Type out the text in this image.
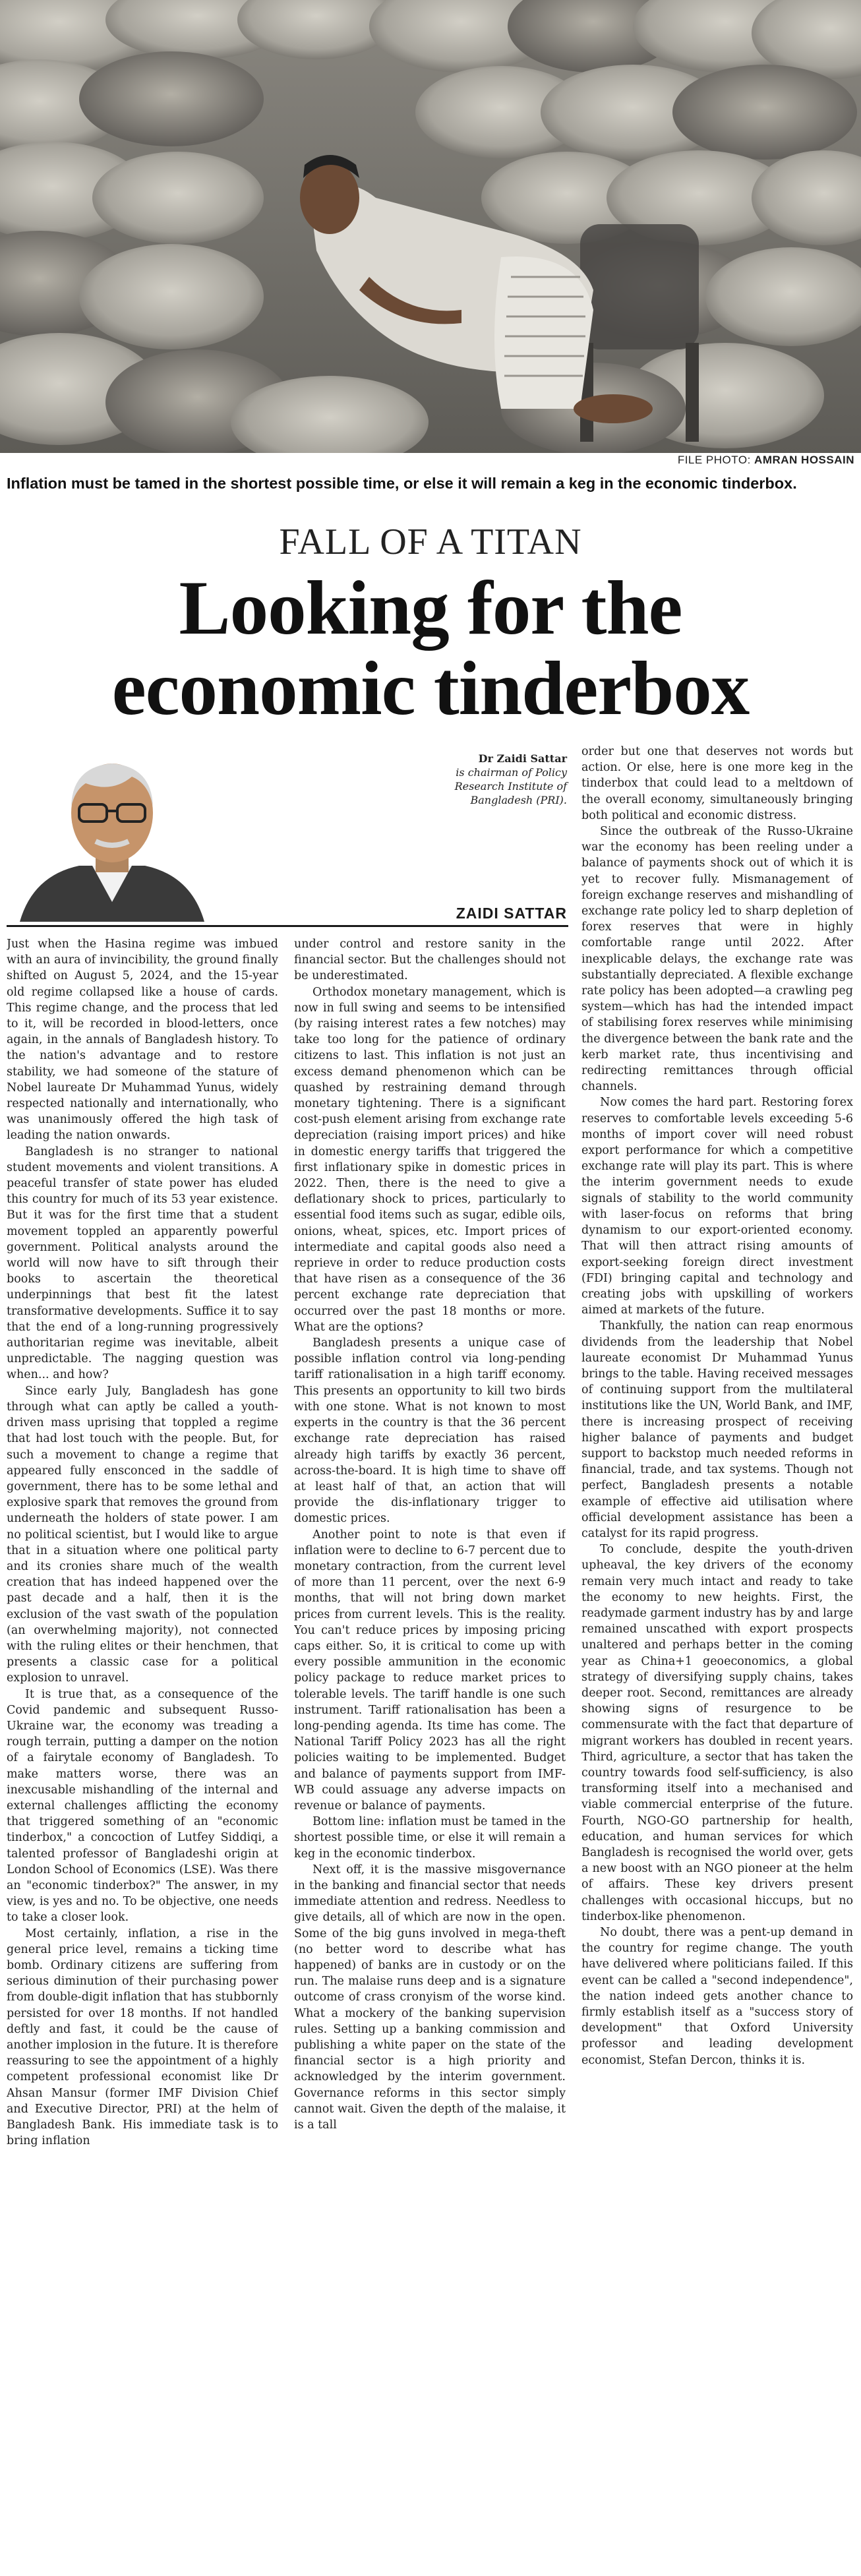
FILE PHOTO: AMRAN HOSSAIN
Inflation must be tamed in the shortest possible time, or else it will remain a keg in the economic tinderbox.
FALL OF A TITAN
Looking for the
economic tinderbox
Dr Zaidi Sattar
is chairman of Policy
Research Institute of
Bangladesh (PRI).
ZAIDI SATTAR

Just when the Hasina regime was imbued with an aura of invincibility, the ground finally shifted on August 5, 2024, and the 15-year old regime collapsed like a house of cards. This regime change, and the process that led to it, will be recorded in blood-letters, once again, in the annals of Bangladesh history. To the nation's advantage and to restore stability, we had someone of the stature of Nobel laureate Dr Muhammad Yunus, widely respected nationally and internationally, who was unanimously offered the high task of leading the nation onwards.

Bangladesh is no stranger to national student movements and violent transitions. A peaceful transfer of state power has eluded this country for much of its 53 year existence. But it was for the first time that a student movement toppled an apparently powerful government. Political analysts around the world will now have to sift through their books to ascertain the theoretical underpinnings that best fit the latest transformative developments. Suffice it to say that the end of a long-running progressively authoritarian regime was inevitable, albeit unpredictable. The nagging question was when... and how?

Since early July, Bangladesh has gone through what can aptly be called a youth-driven mass uprising that toppled a regime that had lost touch with the people. But, for such a movement to change a regime that appeared fully ensconced in the saddle of government, there has to be some lethal and explosive spark that removes the ground from underneath the holders of state power. I am no political scientist, but I would like to argue that in a situation where one political party and its cronies share much of the wealth creation that has indeed happened over the past decade and a half, then it is the exclusion of the vast swath of the population (an overwhelming majority), not connected with the ruling elites or their henchmen, that presents a classic case for a political explosion to unravel.

It is true that, as a consequence of the Covid pandemic and subsequent Russo-Ukraine war, the economy was treading a rough terrain, putting a damper on the notion of a fairytale economy of Bangladesh. To make matters worse, there was an inexcusable mishandling of the internal and external challenges afflicting the economy that triggered something of an "economic tinderbox," a concoction of Lutfey Siddiqi, a talented professor of Bangladeshi origin at London School of Economics (LSE). Was there an "economic tinderbox?" The answer, in my view, is yes and no. To be objective, one needs to take a closer look.

Most certainly, inflation, a rise in the general price level, remains a ticking time bomb. Ordinary citizens are suffering from serious diminution of their purchasing power from double-digit inflation that has stubbornly persisted for over 18 months. If not handled deftly and fast, it could be the cause of another implosion in the future. It is therefore reassuring to see the appointment of a highly competent professional economist like Dr Ahsan Mansur (former IMF Division Chief and Executive Director, PRI) at the helm of Bangladesh Bank. His immediate task is to bring inflation

under control and restore sanity in the financial sector. But the challenges should not be underestimated.

Orthodox monetary management, which is now in full swing and seems to be intensified (by raising interest rates a few notches) may take too long for the patience of ordinary citizens to last. This inflation is not just an excess demand phenomenon which can be quashed by restraining demand through monetary tightening. There is a significant cost-push element arising from exchange rate depreciation (raising import prices) and hike in domestic energy tariffs that triggered the first inflationary spike in domestic prices in 2022. Then, there is the need to give a deflationary shock to prices, particularly to essential food items such as sugar, edible oils, onions, wheat, spices, etc. Import prices of intermediate and capital goods also need a reprieve in order to reduce production costs that have risen as a consequence of the 36 percent exchange rate depreciation that occurred over the past 18 months or more. What are the options?

Bangladesh presents a unique case of possible inflation control via long-pending tariff rationalisation in a high tariff economy. This presents an opportunity to kill two birds with one stone. What is not known to most experts in the country is that the 36 percent exchange rate depreciation has raised already high tariffs by exactly 36 percent, across-the-board. It is high time to shave off at least half of that, an action that will provide the dis-inflationary trigger to domestic prices.

Another point to note is that even if inflation were to decline to 6-7 percent due to monetary contraction, from the current level of more than 11 percent, over the next 6-9 months, that will not bring down market prices from current levels. This is the reality. You can't reduce prices by imposing pricing caps either. So, it is critical to come up with every possible ammunition in the economic policy package to reduce market prices to tolerable levels. The tariff handle is one such instrument. Tariff rationalisation has been a long-pending agenda. Its time has come. The National Tariff Policy 2023 has all the right policies waiting to be implemented. Budget and balance of payments support from IMF-WB could assuage any adverse impacts on revenue or balance of payments.

Bottom line: inflation must be tamed in the shortest possible time, or else it will remain a keg in the economic tinderbox.

Next off, it is the massive misgovernance in the banking and financial sector that needs immediate attention and redress. Needless to give details, all of which are now in the open. Some of the big guns involved in mega-theft (no better word to describe what has happened) of banks are in custody or on the run. The malaise runs deep and is a signature outcome of crass cronyism of the worse kind. What a mockery of the banking supervision rules. Setting up a banking commission and publishing a white paper on the state of the financial sector is a high priority and acknowledged by the interim government. Governance reforms in this sector simply cannot wait. Given the depth of the malaise, it is a tall

order but one that deserves not words but action. Or else, here is one more keg in the tinderbox that could lead to a meltdown of the overall economy, simultaneously bringing both political and economic distress.

Since the outbreak of the Russo-Ukraine war the economy has been reeling under a balance of payments shock out of which it is yet to recover fully. Mismanagement of foreign exchange reserves and mishandling of exchange rate policy led to sharp depletion of forex reserves that were in highly comfortable range until 2022. After inexplicable delays, the exchange rate was substantially depreciated. A flexible exchange rate policy has been adopted—a crawling peg system—which has had the intended impact of stabilising forex reserves while minimising the divergence between the bank rate and the kerb market rate, thus incentivising and redirecting remittances through official channels.

Now comes the hard part. Restoring forex reserves to comfortable levels exceeding 5-6 months of import cover will need robust export performance for which a competitive exchange rate will play its part. This is where the interim government needs to exude signals of stability to the world community with laser-focus on reforms that bring dynamism to our export-oriented economy. That will then attract rising amounts of export-seeking foreign direct investment (FDI) bringing capital and technology and creating jobs with upskilling of workers aimed at markets of the future.

Thankfully, the nation can reap enormous dividends from the leadership that Nobel laureate economist Dr Muhammad Yunus brings to the table. Having received messages of continuing support from the multilateral institutions like the UN, World Bank, and IMF, there is increasing prospect of receiving higher balance of payments and budget support to backstop much needed reforms in financial, trade, and tax systems. Though not perfect, Bangladesh presents a notable example of effective aid utilisation where official development assistance has been a catalyst for its rapid progress.

To conclude, despite the youth-driven upheaval, the key drivers of the economy remain very much intact and ready to take the economy to new heights. First, the readymade garment industry has by and large remained unscathed with export prospects unaltered and perhaps better in the coming year as China+1 geoeconomics, a global strategy of diversifying supply chains, takes deeper root. Second, remittances are already showing signs of resurgence to be commensurate with the fact that departure of migrant workers has doubled in recent years. Third, agriculture, a sector that has taken the country towards food self-sufficiency, is also transforming itself into a mechanised and viable commercial enterprise of the future. Fourth, NGO-GO partnership for health, education, and human services for which Bangladesh is recognised the world over, gets a new boost with an NGO pioneer at the helm of affairs. These key drivers present challenges with occasional hiccups, but no tinderbox-like phenomenon.

No doubt, there was a pent-up demand in the country for regime change. The youth have delivered where politicians failed. If this event can be called a "second independence", the nation indeed gets another chance to firmly establish itself as a "success story of development" that Oxford University professor and leading development economist, Stefan Dercon, thinks it is.
